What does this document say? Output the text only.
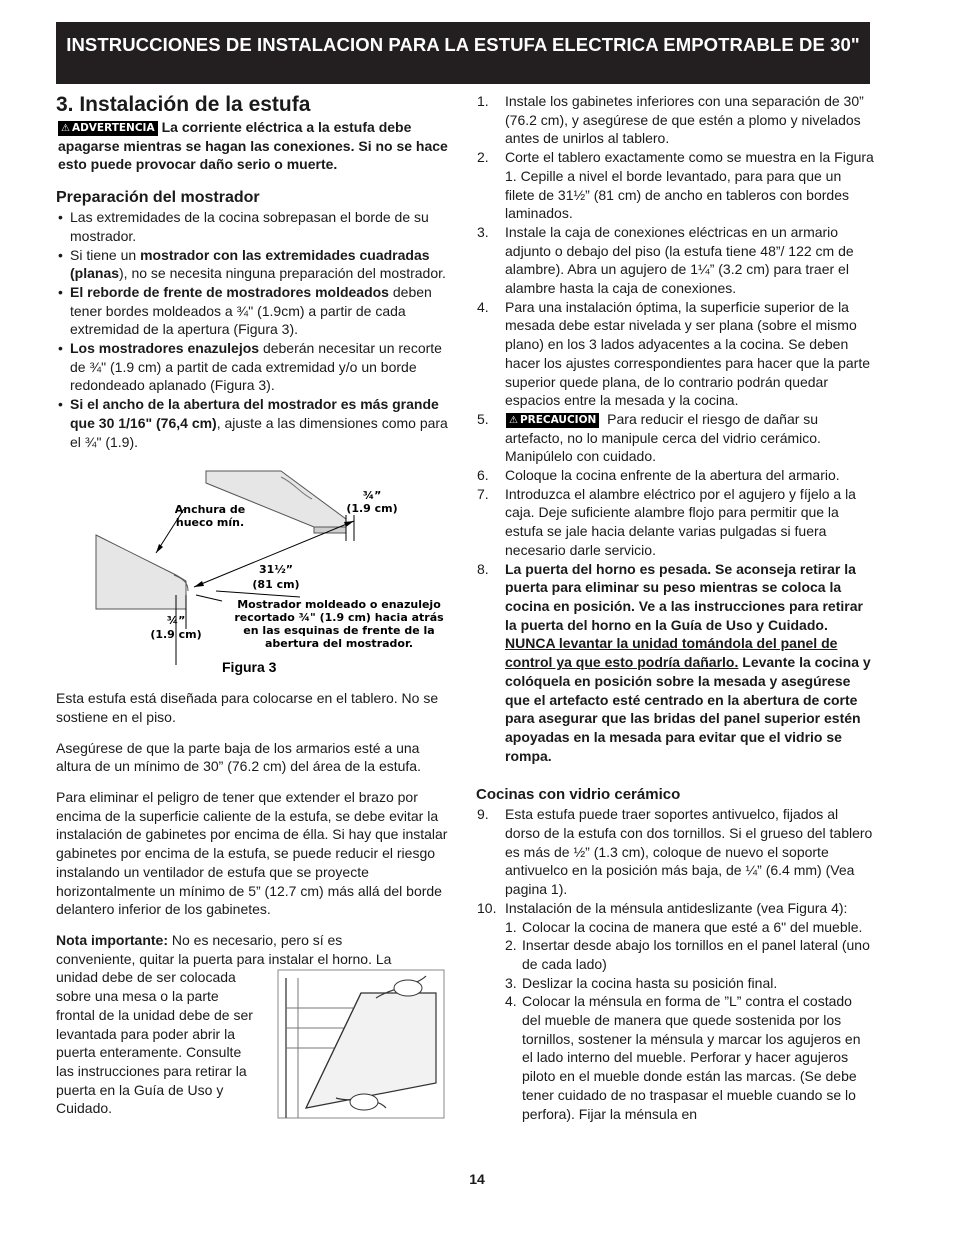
INSTRUCCIONES DE INSTALACION PARA LA ESTUFA ELECTRICA EMPOTRABLE DE 30"
3. Instalación de la estufa

⚠ ADVERTENCIA La corriente eléctrica a la estufa debe apagarse mientras se hagan las conexiones. Si no se hace esto puede provocar daño serio o muerte.

Preparación del mostrador
• Las extremidades de la cocina sobrepasan el borde de su mostrador.
• Si tiene un mostrador con las extremidades cuadradas (planas), no se necesita ninguna preparación del mostrador.
• El reborde de frente de mostradores moldeados deben tener bordes moldeados a ¾" (1.9cm) a partir de cada extremidad de la apertura (Figura 3).
• Los mostradores enazulejos deberán necesitar un recorte de ¾" (1.9 cm) a partit de cada extremidad y/o un borde redondeado aplanado (Figura 3).
• Si el ancho de la abertura del mostrador es más grande que 30 1/16" (76,4 cm), ajuste a las dimensiones como para el ¾" (1.9).
Anchura de hueco mín.
¾” (1.9 cm)
31½” (81 cm)
¾” (1.9 cm)
Mostrador moldeado o enazulejo recortado ¾" (1.9 cm) hacia atrás en las esquinas de frente de la abertura del mostrador.
Figura 3

Esta estufa está diseñada para colocarse en el tablero. No se sostiene en el piso.

Asegúrese de que la parte baja de los armarios esté a una altura de un mínimo de 30” (76.2 cm) del área de la estufa.

Para eliminar el peligro de tener que extender el brazo por encima de la superficie caliente de la estufa, se debe evitar la instalación de gabinetes por encima de élla. Si hay que instalar gabinetes por encima de la estufa, se puede reducir el riesgo instalando un ventilador de estufa que se proyecte horizontalmente un mínimo de 5” (12.7 cm) más allá del borde delantero inferior de los gabinetes.

Nota importante: No es necesario, pero sí es
conveniente, quitar la puerta para instalar el horno. La

unidad debe de ser colocada sobre una mesa o la parte frontal de la unidad debe de ser levantada para poder abrir la puerta enteramente. Consulte las instrucciones para retirar la puerta en la Guía de Uso y Cuidado.

1. Instale los gabinetes inferiores con una separación de 30” (76.2 cm), y asegúrese de que estén a plomo y nivelados antes de unirlos al tablero.
2. Corte el tablero exactamente como se muestra en la Figura 1. Cepille a nivel el borde levantado, para para que un filete de 31½” (81 cm) de ancho en tableros con bordes laminados.
3. Instale la caja de conexiones eléctricas en un armario adjunto o debajo del piso (la estufa tiene 48”/ 122 cm de alambre). Abra un agujero de 1¼” (3.2 cm) para traer el alambre hasta la caja de conexiones.
4. Para una instalación óptima, la superficie superior de la mesada debe estar nivelada y ser plana (sobre el mismo plano) en los 3 lados adyacentes a la cocina. Se deben hacer los ajustes correspondientes para hacer que la parte superior quede plana, de lo contrario podrán quedar espacios entre la mesada y la cocina.
5. ⚠ PRECAUCION Para reducir el riesgo de dañar su artefacto, no lo manipule cerca del vidrio cerámico. Manipúlelo con cuidado.
6. Coloque la cocina enfrente de la abertura del armario.
7. Introduzca el alambre eléctrico por el agujero y fíjelo a la caja. Deje suficiente alambre flojo para permitir que la estufa se jale hacia delante varias pulgadas si fuera necesario darle servicio.
8. La puerta del horno es pesada. Se aconseja retirar la puerta para eliminar su peso mientras se coloca la cocina en posición. Ve a las instrucciones para retirar la puerta del horno en la Guía de Uso y Cuidado. NUNCA levantar la unidad tomándola del panel de control ya que esto podría dañarlo. Levante la cocina y colóquela en posición sobre la mesada y asegúrese que el artefacto esté centrado en la abertura de corte para asegurar que las bridas del panel superior estén apoyadas en la mesada para evitar que el vidrio se rompa.
Cocinas con vidrio cerámico
9. Esta estufa puede traer soportes antivuelco, fijados al dorso de la estufa con dos tornillos. Si el grueso del tablero es más de ½” (1.3 cm), coloque de nuevo el soporte antivuelco en la posición más baja, de ¼” (6.4 mm) (Vea pagina 1).
10. Instalación de la ménsula antideslizante (vea Figura 4):
1. Colocar la cocina de manera que esté a 6" del mueble.
2. Insertar desde abajo los tornillos en el panel lateral (uno de cada lado)
3. Deslizar la cocina hasta su posición final.
4. Colocar la ménsula en forma de ”L” contra el costado del mueble de manera que quede sostenida por los tornillos, sostener la ménsula y marcar los agujeros en el lado interno del mueble. Perforar y hacer agujeros piloto en el mueble donde están las marcas. (Se debe tener cuidado de no traspasar el mueble cuando se lo perfora). Fijar la ménsula en
14
